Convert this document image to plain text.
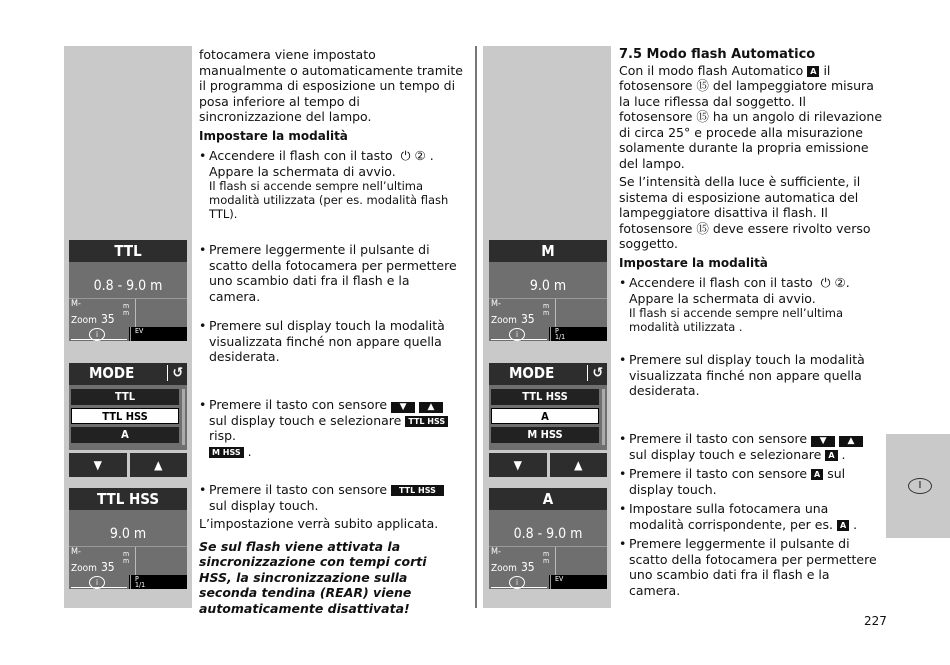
TTL
0.8 - 9.0 m
M-
Zoom 35
m
m
i	EV
MODE	↺
TTL
TTL HSS
A
▼	▲
TTL HSS
9.0 m
M-
Zoom 35
m
m
i	P
1/1

fotocamera viene impostato manualmente o automaticamente tramite il programma di esposizione un tempo di posa inferiore al tempo di sincronizzazione del lampo.

Impostare la modalità

• Accendere il flash con il tasto ⏻ ② .
Appare la schermata di avvio.
Il flash si accende sempre nell’ultima modalità utilizzata (per es. modalità flash TTL).
• Premere leggermente il pulsante di scatto della fotocamera per permettere uno scambio dati fra il flash e la camera.
• Premere sul display touch la modalità visualizzata finché non appare quella desiderata.
• Premere il tasto con sensore ▼ ▲ sul display touch e selezionare TTL HSS risp.
M HSS .
• Premere il tasto con sensore TTL HSS sul display touch.

L’impostazione verrà subito applicata.

Se sul flash viene attivata la sincronizzazione con tempi corti HSS, la sincronizzazione sulla seconda tendina (REAR) viene automaticamente disattivata!

M
9.0 m
M-
Zoom 35
m
m
i	P
1/1
MODE	↺
TTL HSS
A
M HSS
▼	▲
A
0.8 - 9.0 m
M-
Zoom 35
m
m
i	EV

7.5 Modo flash Automatico

Con il modo flash Automatico A il fotosensore ⑮ del lampeggiatore misura la luce riflessa dal soggetto. Il fotosensore ⑮ ha un angolo di rilevazione di circa 25° e procede alla misurazione solamente durante la propria emissione del lampo.

Se l’intensità della luce è sufficiente, il sistema di esposizione automatica del lampeggiatore disattiva il flash. Il fotosensore ⑮ deve essere rivolto verso soggetto.

Impostare la modalità

• Accendere il flash con il tasto ⏻ ②.
Appare la schermata di avvio.
Il flash si accende sempre nell’ultima modalità utilizzata .
• Premere sul display touch la modalità visualizzata finché non appare quella desiderata.
• Premere il tasto con sensore ▼ ▲ sul display touch e selezionare A .
• Premere il tasto con sensore A sul display touch.
• Impostare sulla fotocamera una modalità corrispondente, per es. A .
• Premere leggermente il pulsante di scatto della fotocamera per permettere uno scambio dati fra il flash e la camera.
I
227
